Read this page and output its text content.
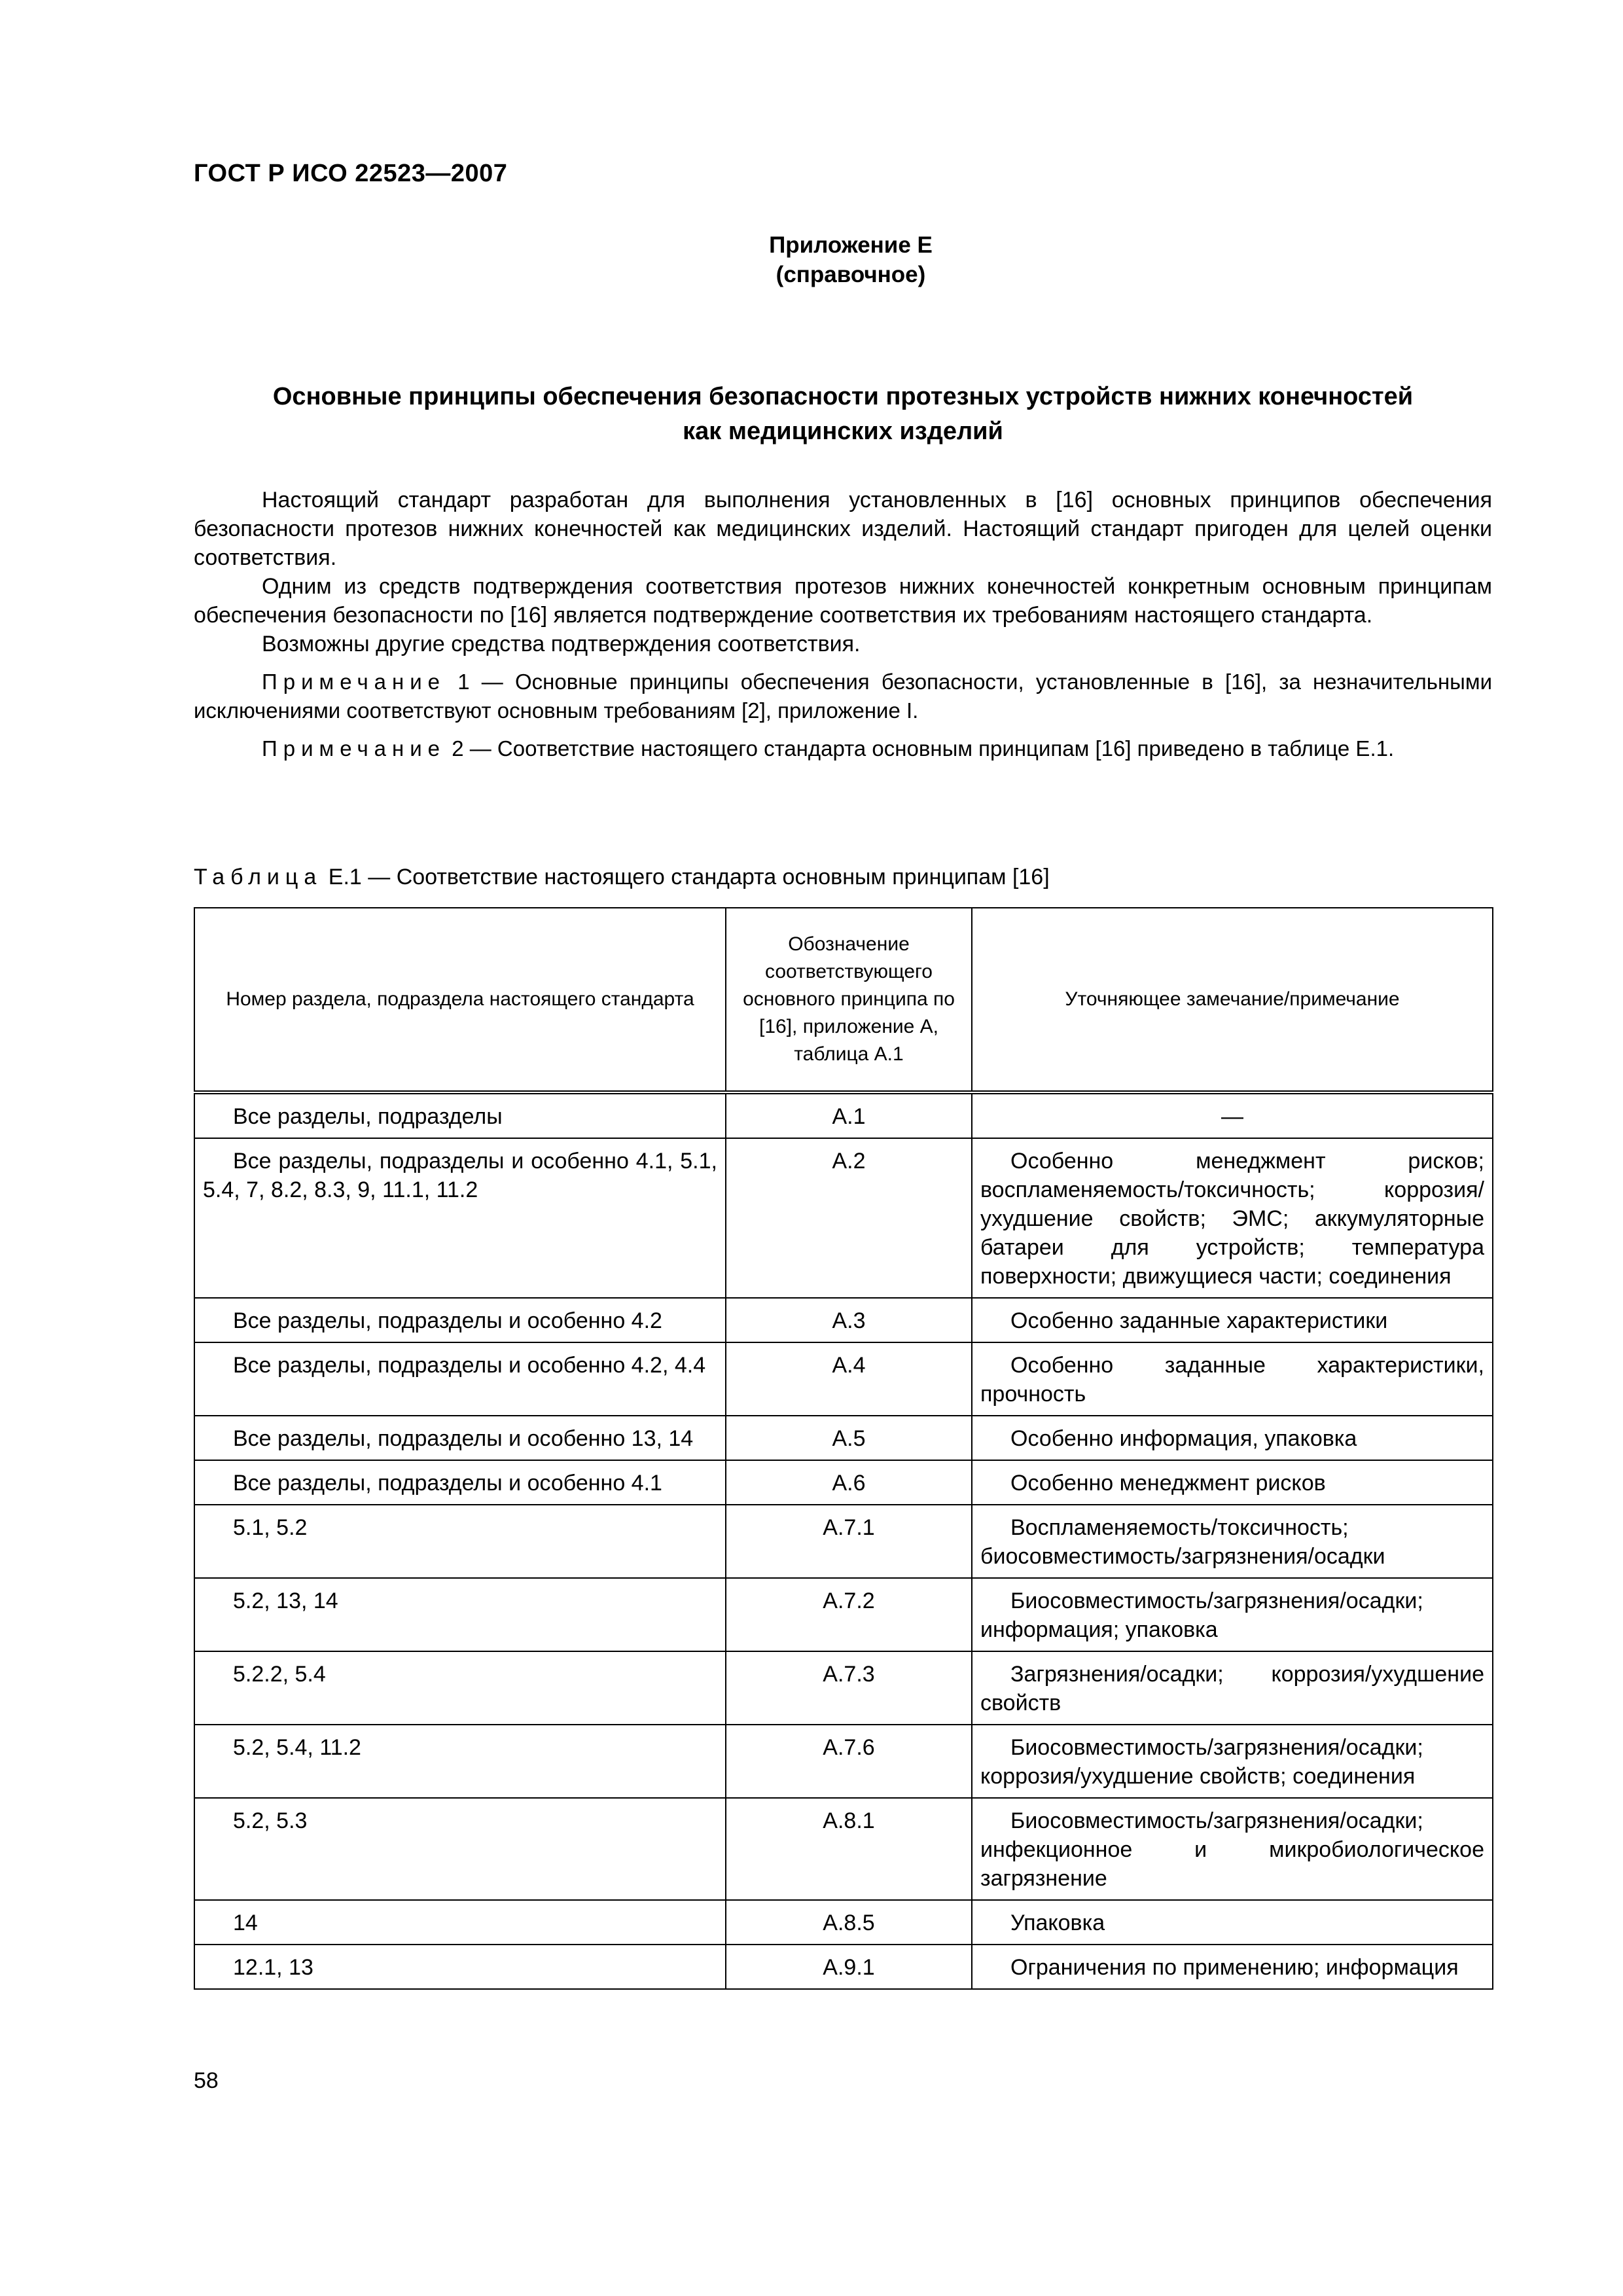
ГОСТ Р ИСО 22523—2007
Приложение Е
(справочное)
Основные принципы обеспечения безопасности протезных устройств нижних конечностей
как медицинских изделий

Настоящий стандарт разработан для выполнения установленных в [16] основных принципов обеспечения безопасности протезов нижних конечностей как медицинских изделий. Настоящий стандарт пригоден для целей оценки соответствия.

Одним из средств подтверждения соответствия протезов нижних конечностей конкретным основным принципам обеспечения безопасности по [16] является подтверждение соответствия их требованиям настоящего стандарта.

Возможны другие средства подтверждения соответствия.

Примечание 1 — Основные принципы обеспечения безопасности, установленные в [16], за незначительными исключениями соответствуют основным требованиям [2], приложение I.

Примечание 2 — Соответствие настоящего стандарта основным принципам [16] приведено в таблице Е.1.

Таблица Е.1 — Соответствие настоящего стандарта основным принципам [16]
Номер раздела, подраздела настоящего стандарта	Обозначение соответствующего основного принципа по [16], приложение А, таблица А.1	Уточняющее замечание/примечание
Все разделы, подразделы	А.1	—
Все разделы, подразделы и особенно 4.1, 5.1, 5.4, 7, 8.2, 8.3, 9, 11.1, 11.2	А.2	Особенно менеджмент рисков; воспламеняемость/токсичность; коррозия/ухудшение свойств; ЭМС; аккумуляторные батареи для устройств; температура поверхности; движущиеся части; соединения
Все разделы, подразделы и особенно 4.2	А.3	Особенно заданные характеристики
Все разделы, подразделы и особенно 4.2, 4.4	А.4	Особенно заданные характеристики, прочность
Все разделы, подразделы и особенно 13, 14	А.5	Особенно информация, упаковка
Все разделы, подразделы и особенно 4.1	А.6	Особенно менеджмент рисков
5.1, 5.2	А.7.1	Воспламеняемость/токсичность; биосовместимость/загрязнения/осадки
5.2, 13, 14	А.7.2	Биосовместимость/загрязнения/осадки; информация; упаковка
5.2.2, 5.4	А.7.3	Загрязнения/осадки; коррозия/ухудшение свойств
5.2, 5.4, 11.2	А.7.6	Биосовместимость/загрязнения/осадки; коррозия/ухудшение свойств; соединения
5.2, 5.3	А.8.1	Биосовместимость/загрязнения/осадки; инфекционное и микробиологическое загрязнение
14	А.8.5	Упаковка
12.1, 13	А.9.1	Ограничения по применению; информация
58
